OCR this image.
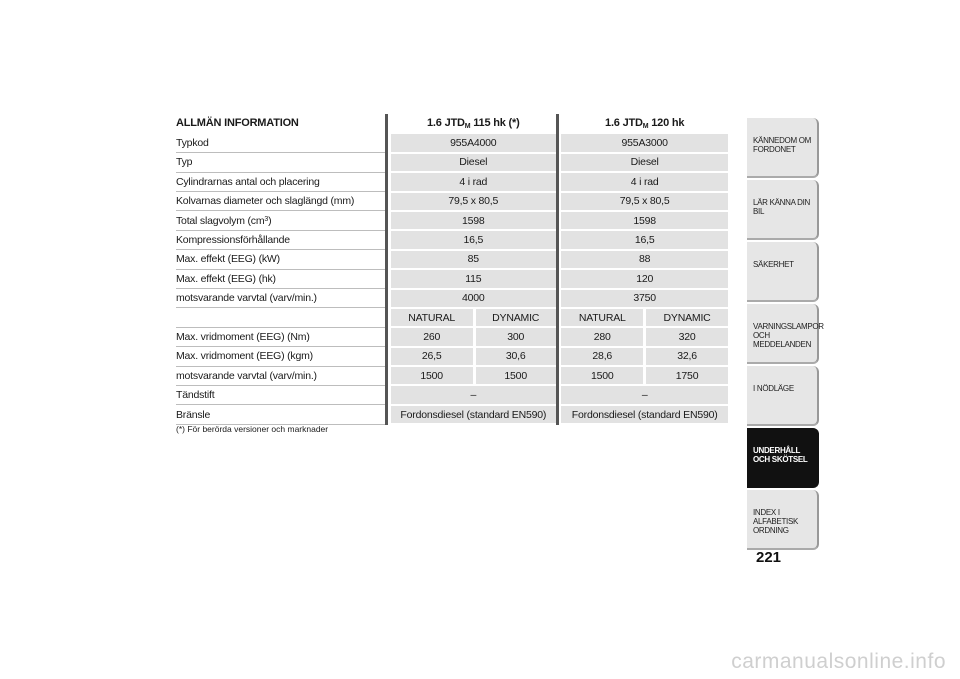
ALLMÄN INFORMATION		1.6 $JTD_M$ 115 hk (*)			1.6 $JTD_M$ 120 hk	
Typkod		955A4000			955A3000	
Typ		Diesel			Diesel	
Cylindrarnas antal och placering		4 i rad			4 i rad	
Kolvarnas diameter och slaglängd (mm)		79,5 x 80,5			79,5 x 80,5	
Total slagvolym $(cm^3)$		1598			1598	
Kompressionsförhållande		16,5			16,5	
Max. effekt (EEG) (kW)		85			88	
Max. effekt (EEG) (hk)		115			120	
motsvarande varvtal (varv/min.)		4000			3750	
		NATURAL	DYNAMIC		NATURAL	DYNAMIC
Max. vridmoment (EEG) (Nm)		260	300		280	320
Max. vridmoment (EEG) (kgm)		26,5	30,6		28,6	32,6
motsvarande varvtal (varv/min.)		1500	1500		1500	1750
Tändstift		–			–	
Bränsle		Fordonsdiesel (standard EN590)			Fordonsdiesel (standard EN590)	
(*) För berörda versioner och marknader
KÄNNEDOM OM FORDONET
LÄR KÄNNA DIN BIL
SÄKERHET
VARNINGSLAMPOR OCH MEDDELANDEN
I NÖDLÄGE
UNDERHÅLL OCH SKÖTSEL
INDEX I ALFABETISK ORDNING
221
carmanualsonline.info
